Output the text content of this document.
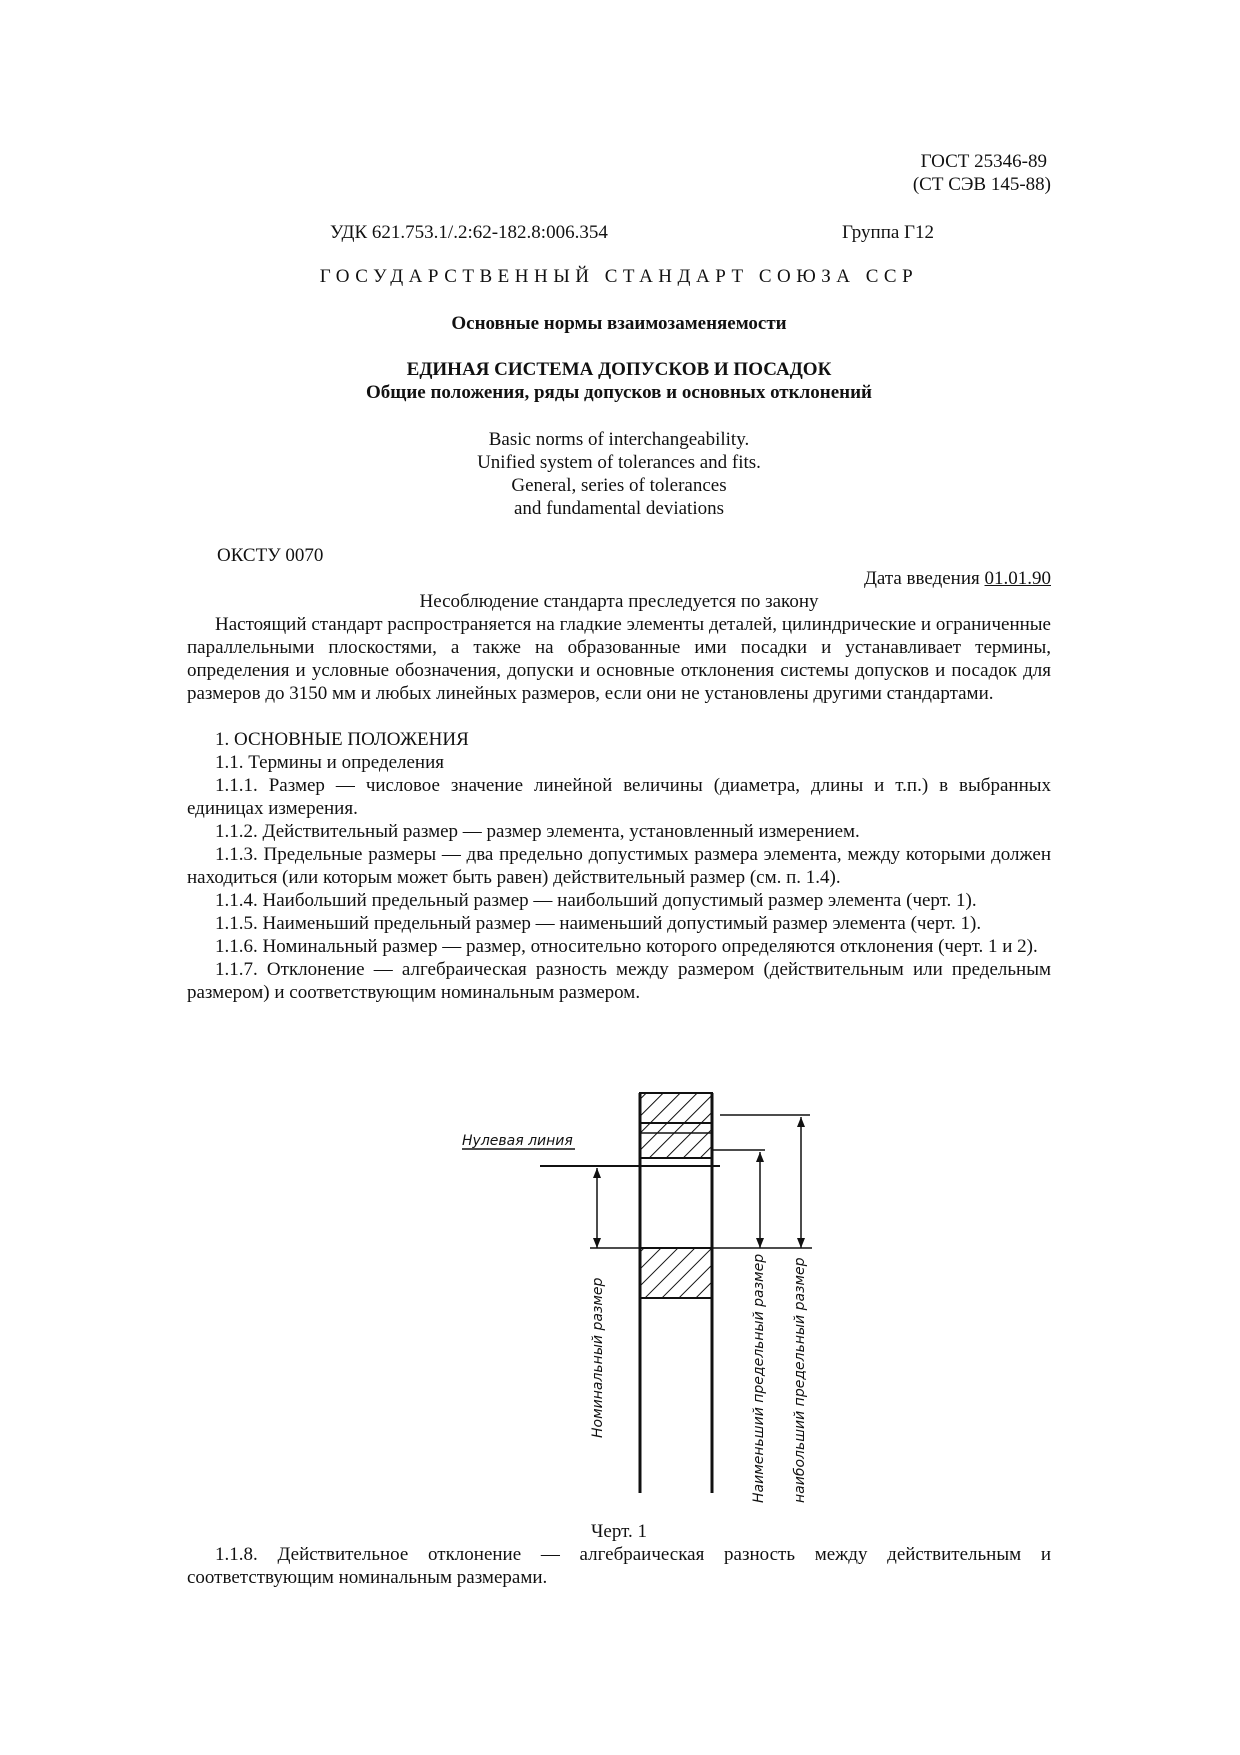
ГОСТ 25346-89
(СТ СЭВ 145-88)
УДК 621.753.1/.2:62-182.8:006.354	Группа Г12
ГОСУДАРСТВЕННЫЙ СТАНДАРТ СОЮЗА ССР
Основные нормы взаимозаменяемости
ЕДИНАЯ СИСТЕМА ДОПУСКОВ И ПОСАДОК
Общие положения, ряды допусков и основных отклонений
Basic norms of interchangeability.
Unified system of tolerances and fits.
General, series of tolerances
and fundamental deviations
ОКСТУ 0070
Дата введения 01.01.90
Несоблюдение стандарта преследуется по закону

Настоящий стандарт распространяется на гладкие элементы деталей, цилиндрические и ограниченные параллельными плоскостями, а также на образованные ими посадки и устанавливает термины, определения и условные обозначения, допуски и основные отклонения системы допусков и посадок для размеров до 3150 мм и любых линейных размеров, если они не установлены другими стандартами.

1. ОСНОВНЫЕ ПОЛОЖЕНИЯ

1.1. Термины и определения

1.1.1. Размер — числовое значение линейной величины (диаметра, длины и т.п.) в выбранных единицах измерения.

1.1.2. Действительный размер — размер элемента, установленный измерением.

1.1.3. Предельные размеры — два предельно допустимых размера элемента, между которыми должен находиться (или которым может быть равен) действительный размер (см. п. 1.4).

1.1.4. Наибольший предельный размер — наибольший допустимый размер элемента (черт. 1).

1.1.5. Наименьший предельный размер — наименьший допустимый размер элемента (черт. 1).

1.1.6. Номинальный размер — размер, относительно которого определяются отклонения (черт. 1 и 2).

1.1.7. Отклонение — алгебраическая разность между размером (действительным или предельным размером) и соответствующим номинальным размером.

Нулевая линия
Номинальный размер	Наименьший предельный размер наибольший предельный размер
Черт. 1

1.1.8. Действительное отклонение — алгебраическая разность между действительным и соответствующим номинальным размерами.
